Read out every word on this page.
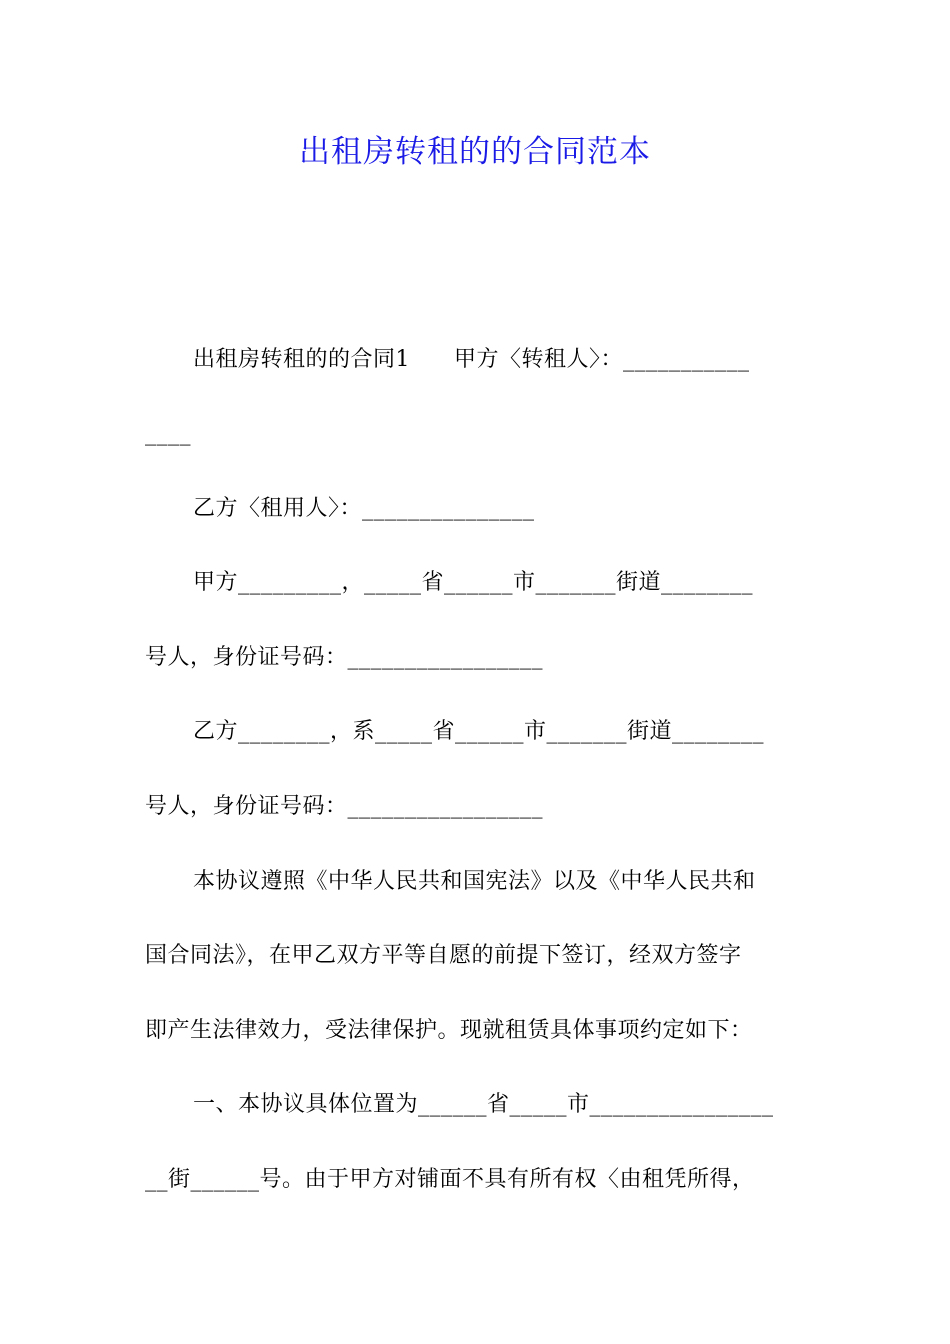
出租房转租的的合同范本
出租房转租的的合同1 甲方〈转租人〉：___________
____
乙方〈租用人〉：_______________
甲方_________，_____省______市_______街道________
号人，身份证号码：_________________
乙方________，系_____省______市_______街道________
号人，身份证号码：_________________
本协议遵照《中华人民共和国宪法》以及《中华人民共和
国合同法》，在甲乙双方平等自愿的前提下签订，经双方签字
即产生法律效力，受法律保护。现就租赁具体事项约定如下：
一、本协议具体位置为______省_____市________________
__街______号。由于甲方对铺面不具有所有权〈由租凭所得，
